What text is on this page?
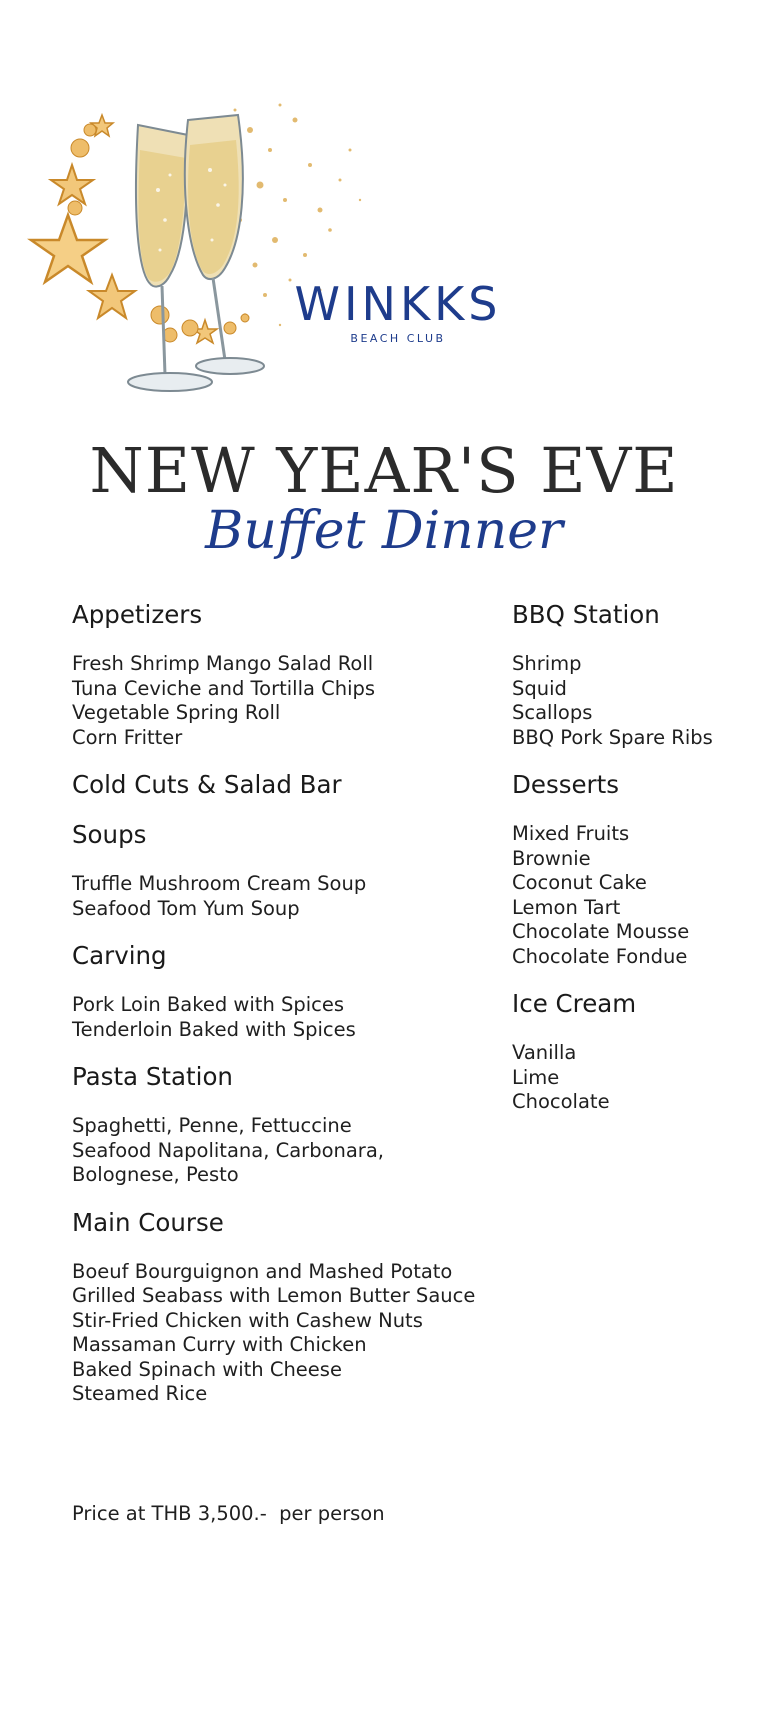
WINKKS
BEACH CLUB
NEW YEAR'S EVE
Buffet Dinner
Appetizers
Fresh Shrimp Mango Salad Roll
Tuna Ceviche and Tortilla Chips
Vegetable Spring Roll
Corn Fritter
Cold Cuts & Salad Bar
Soups
Truffle Mushroom Cream Soup
Seafood Tom Yum Soup
Carving
Pork Loin Baked with Spices
Tenderloin Baked with Spices
Pasta Station
Spaghetti, Penne, Fettuccine
Seafood Napolitana, Carbonara,
Bolognese, Pesto
Main Course
Boeuf Bourguignon and Mashed Potato
Grilled Seabass with Lemon Butter Sauce
Stir-Fried Chicken with Cashew Nuts
Massaman Curry with Chicken
Baked Spinach with Cheese
Steamed Rice
BBQ Station
Shrimp
Squid
Scallops
BBQ Pork Spare Ribs
Desserts
Mixed Fruits
Brownie
Coconut Cake
Lemon Tart
Chocolate Mousse
Chocolate Fondue
Ice Cream
Vanilla
Lime
Chocolate
Price at THB 3,500.-  per person
